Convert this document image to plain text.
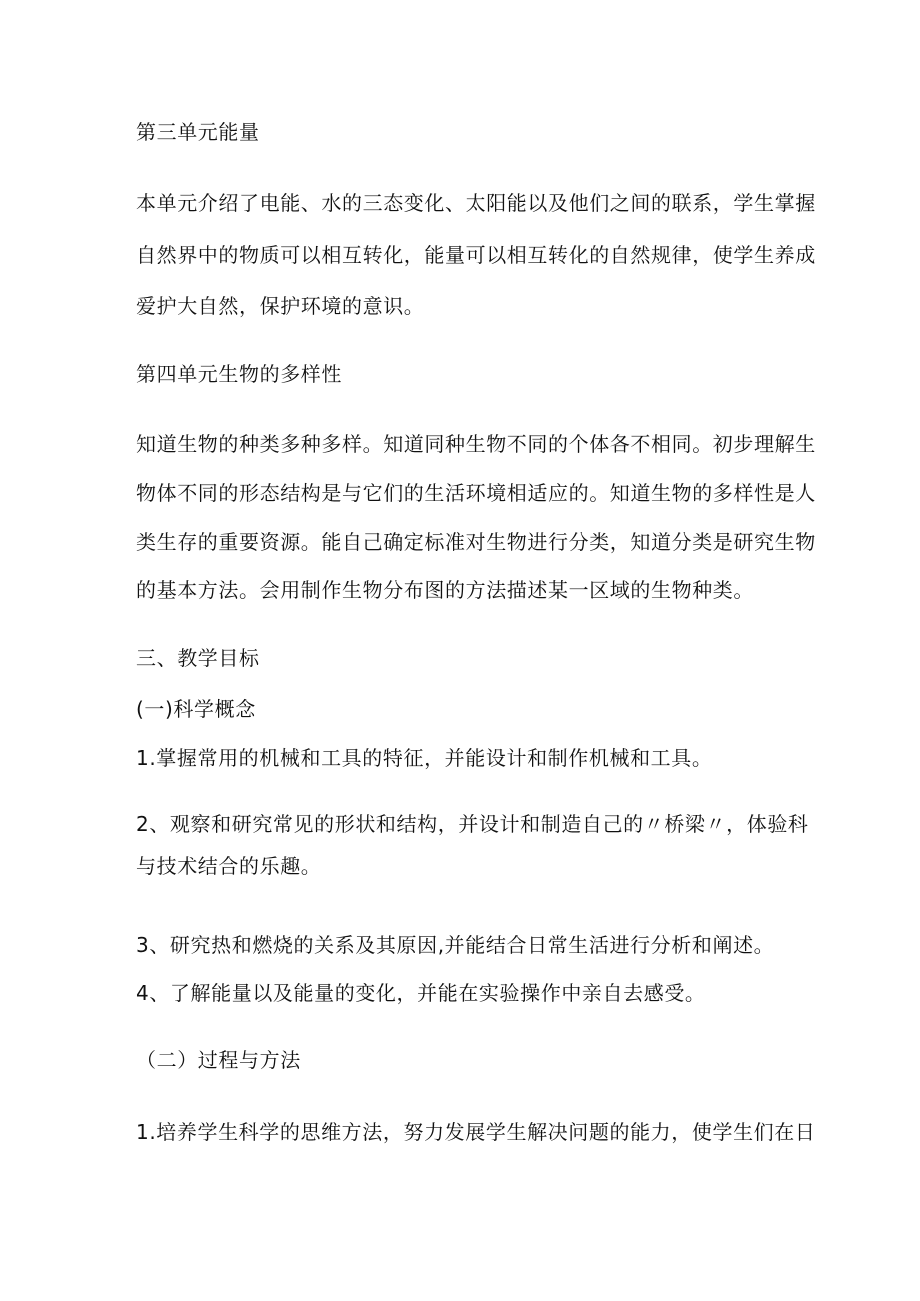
第三单元能量
本单元介绍了电能、水的三态变化、太阳能以及他们之间的联系，学生掌握
自然界中的物质可以相互转化，能量可以相互转化的自然规律，使学生养成
爱护大自然，保护环境的意识。
第四单元生物的多样性
知道生物的种类多种多样。知道同种生物不同的个体各不相同。初步理解生
物体不同的形态结构是与它们的生活环境相适应的。知道生物的多样性是人
类生存的重要资源。能自己确定标准对生物进行分类，知道分类是研究生物
的基本方法。会用制作生物分布图的方法描述某一区域的生物种类。
三、教学目标
(一)科学概念
1.掌握常用的机械和工具的特征，并能设计和制作机械和工具。
2、观察和研究常见的形状和结构，并设计和制造自己的〃桥梁〃，体验科
与技术结合的乐趣。
3、研究热和燃烧的关系及其原因,并能结合日常生活进行分析和阐述。
4、了解能量以及能量的变化，并能在实验操作中亲自去感受。
（二）过程与方法
1.培养学生科学的思维方法，努力发展学生解决问题的能力，使学生们在日
